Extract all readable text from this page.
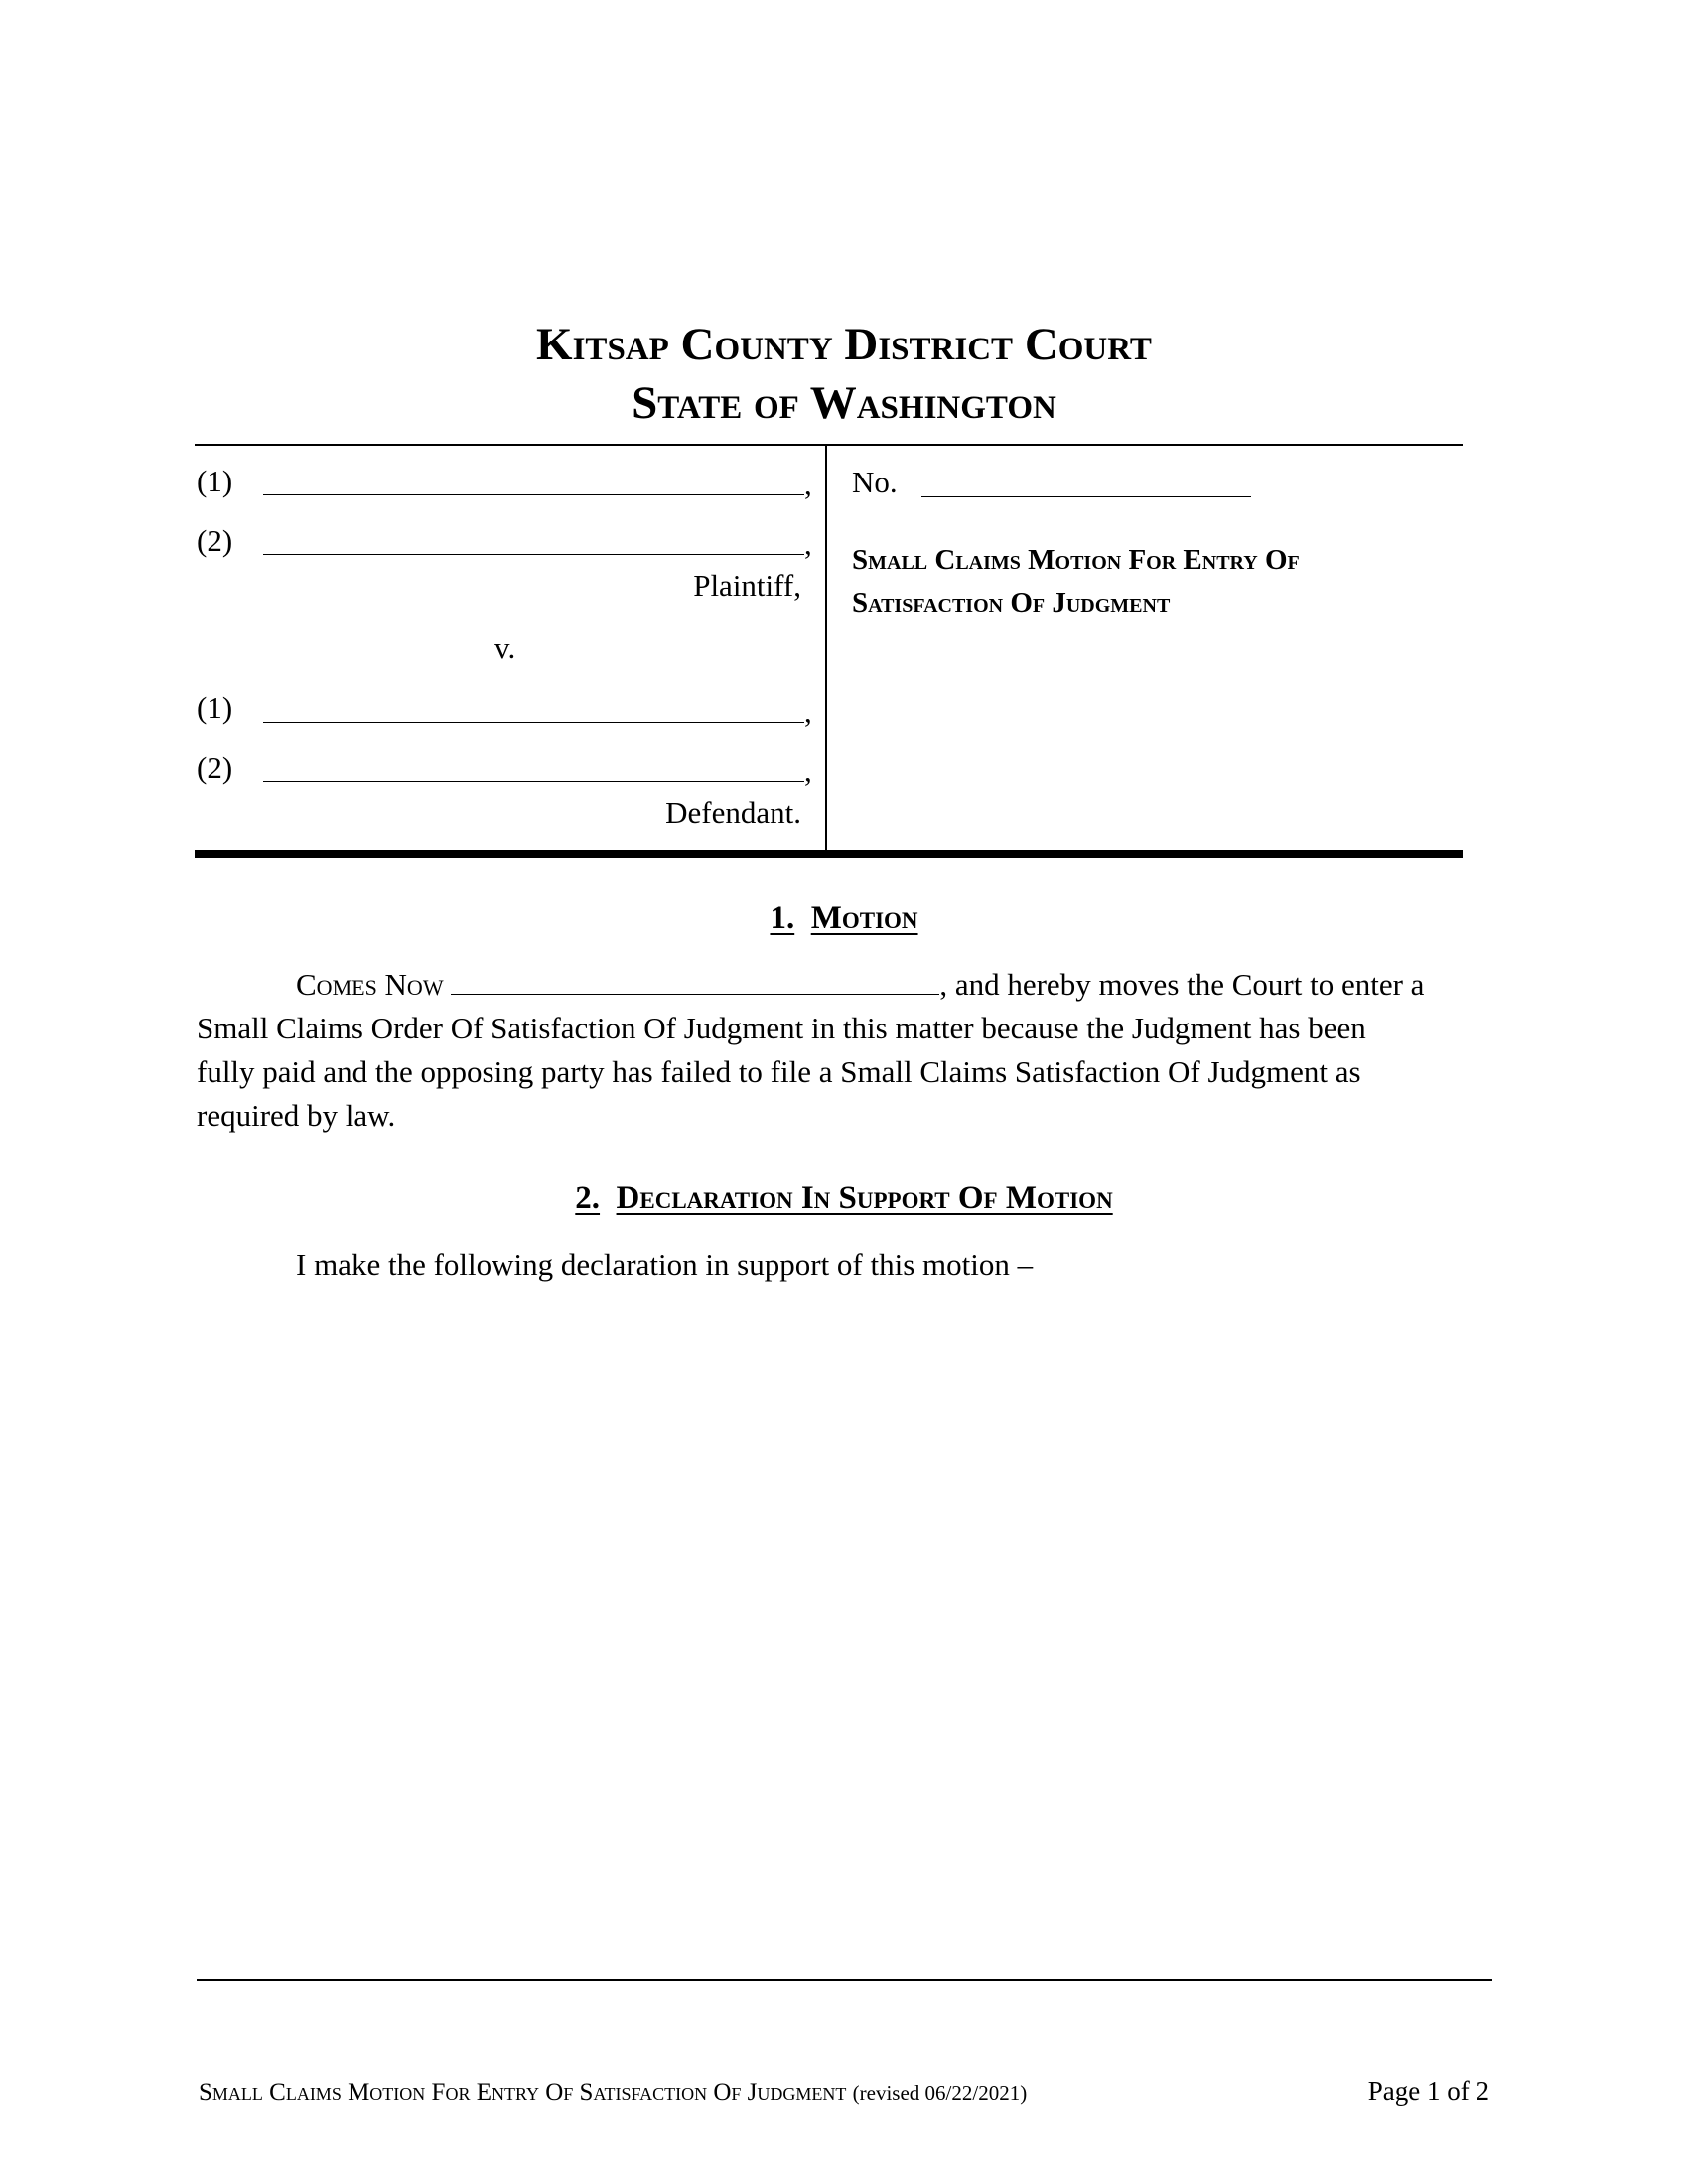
Kitsap County District Court
State of Washington
(1)	,
(2)	,
Plaintiff,
v.
(1)	,
(2)	,
Defendant.
No.
Small Claims Motion For Entry Of
Satisfaction Of Judgment
1. Motion
Comes Now	, and hereby moves the Court to enter a
Small Claims Order Of Satisfaction Of Judgment in this matter because the Judgment has been
fully paid and the opposing party has failed to file a Small Claims Satisfaction Of Judgment as
required by law.
2. Declaration In Support Of Motion
I make the following declaration in support of this motion –
Small Claims Motion For Entry Of Satisfaction Of Judgment (revised 06/22/2021)	Page 1 of 2
